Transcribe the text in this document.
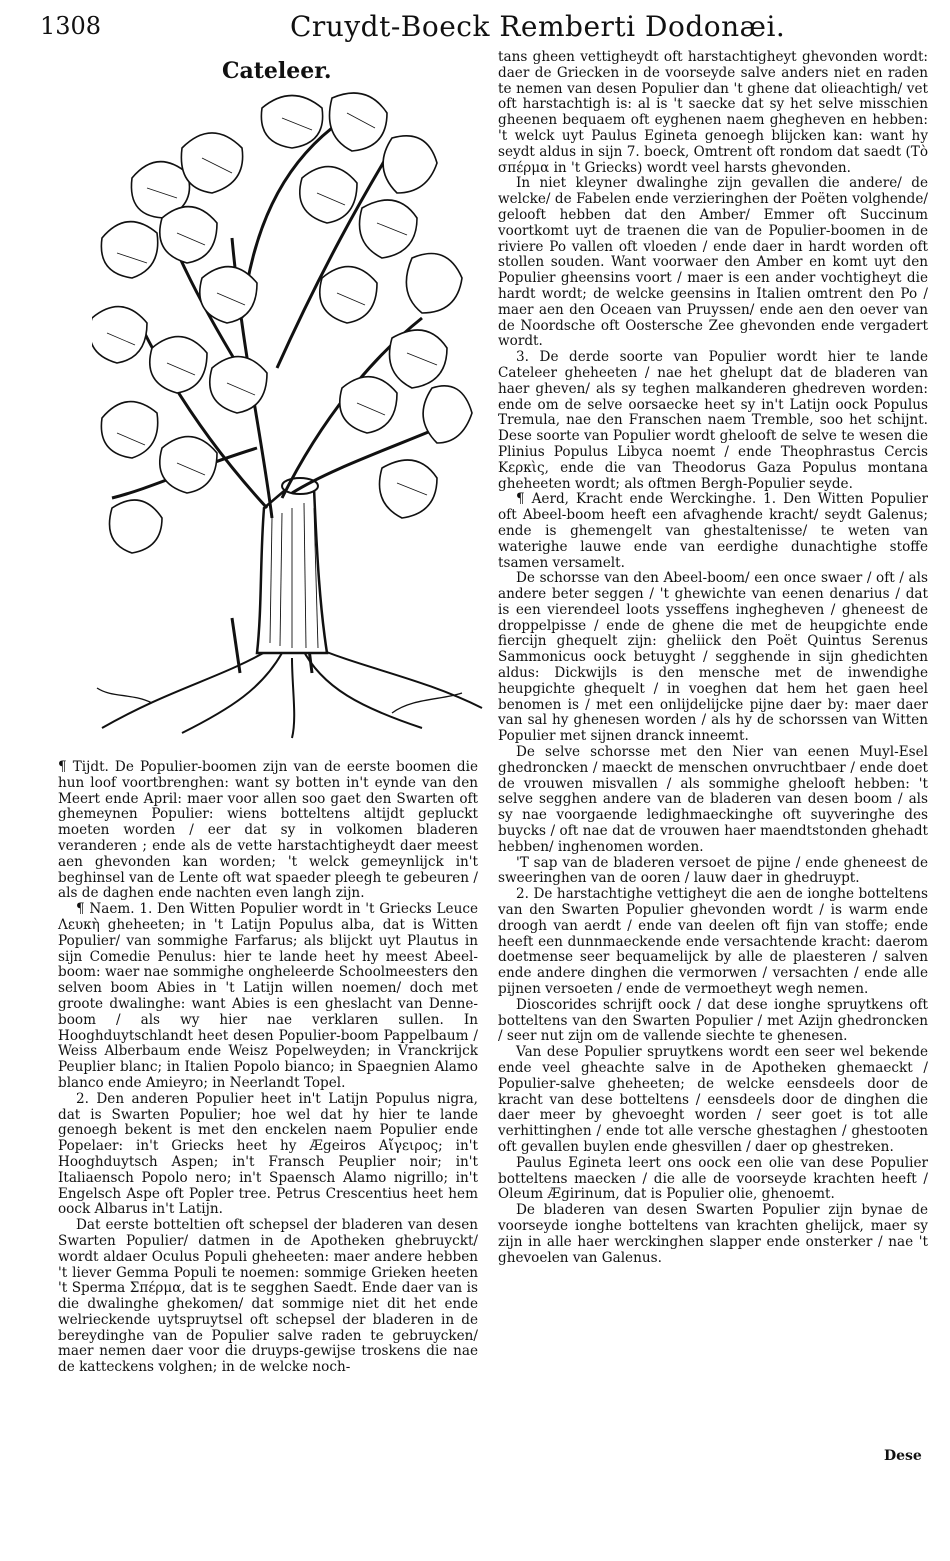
1308	Cruydt-Boeck Remberti Dodonæi.
Cateleer.

¶ Tijdt. De Populier-boomen zijn van de eerste boomen die hun loof voortbrenghen: want sy botten in't eynde van den Meert ende April: maer voor allen soo gaet den Swarten oft ghemeynen Populier: wiens botteltens altijdt gepluckt moeten worden / eer dat sy in volkomen bladeren veranderen ; ende als de vette harstachtigheydt daer meest aen ghevonden kan worden; 't welck gemeynlijck in't beghinsel van de Lente oft wat spaeder pleegh te gebeuren / als de daghen ende nachten even langh zijn.

¶ Naem. 1. Den Witten Populier wordt in 't Griecks Leuce Λευκὴ gheheeten; in 't Latijn Populus alba, dat is Witten Populier/ van sommighe Farfarus; als blijckt uyt Plautus in sijn Comedie Penulus: hier te lande heet hy meest Abeel-boom: waer nae sommighe ongheleerde Schoolmeesters den selven boom Abies in 't Latijn willen noemen/ doch met groote dwalinghe: want Abies is een gheslacht van Denne-boom / als wy hier nae verklaren sullen. In Hooghduytschlandt heet desen Populier-boom Pappelbaum / Weiss Alberbaum ende Weisz Popelweyden; in Vranckrijck Peuplier blanc; in Italien Popolo bianco; in Spaegnien Alamo blanco ende Amieyro; in Neerlandt Topel.

2. Den anderen Populier heet in't Latijn Populus nigra, dat is Swarten Populier; hoe wel dat hy hier te lande genoegh bekent is met den enckelen naem Populier ende Popelaer: in't Griecks heet hy Ægeiros Αἴγειρος; in't Hooghduytsch Aspen; in't Fransch Peuplier noir; in't Italiaensch Popolo nero; in't Spaensch Alamo nigrillo; in't Engelsch Aspe oft Popler tree. Petrus Crescentius heet hem oock Albarus in't Latijn.

Dat eerste botteltien oft schepsel der bladeren van desen Swarten Populier/ datmen in de Apotheken ghebruyckt/ wordt aldaer Oculus Populi gheheeten: maer andere hebben 't liever Gemma Populi te noemen: sommige Grieken heeten 't Sperma Σπέρμα, dat is te segghen Saedt. Ende daer van is die dwalinghe ghekomen/ dat sommige niet dit het ende welrieckende uytspruytsel oft schepsel der bladeren in de bereydinghe van de Populier salve raden te gebruycken/ maer nemen daer voor die druyps-gewijse troskens die nae de katteckens volghen; in de welcke noch-

tans gheen vettigheydt oft harstachtigheyt ghevonden wordt: daer de Griecken in de voorseyde salve anders niet en raden te nemen van desen Populier dan 't ghene dat olieachtigh/ vet oft harstachtigh is: al is 't saecke dat sy het selve misschien gheenen bequaem oft eyghenen naem ghegheven en hebben: 't welck uyt Paulus Egineta genoegh blijcken kan: want hy seydt aldus in sijn 7. boeck, Omtrent oft rondom dat saedt (Τὸ σπέρμα in 't Griecks) wordt veel harsts ghevonden.

In niet kleyner dwalinghe zijn gevallen die andere/ de welcke/ de Fabelen ende verzieringhen der Poëten volghende/ gelooft hebben dat den Amber/ Emmer oft Succinum voortkomt uyt de traenen die van de Populier-boomen in de riviere Po vallen oft vloeden / ende daer in hardt worden oft stollen souden. Want voorwaer den Amber en komt uyt den Populier gheensins voort / maer is een ander vochtigheyt die hardt wordt; de welcke geensins in Italien omtrent den Po / maer aen den Oceaen van Pruyssen/ ende aen den oever van de Noordsche oft Oostersche Zee ghevonden ende vergadert wordt.

3. De derde soorte van Populier wordt hier te lande Cateleer gheheeten / nae het ghelupt dat de bladeren van haer gheven/ als sy teghen malkanderen ghedreven worden: ende om de selve oorsaecke heet sy in't Latijn oock Populus Tremula, nae den Franschen naem Tremble, soo het schijnt. Dese soorte van Populier wordt ghelooft de selve te wesen die Plinius Populus Libyca noemt / ende Theophrastus Cercis Κερκὶς, ende die van Theodorus Gaza Populus montana gheheeten wordt; als oftmen Bergh-Populier seyde.

¶ Aerd, Kracht ende Werckinghe. 1. Den Witten Populier oft Abeel-boom heeft een afvaghende kracht/ seydt Galenus; ende is ghemengelt van ghestaltenisse/ te weten van waterighe lauwe ende van eerdighe dunachtighe stoffe tsamen versamelt.

De schorsse van den Abeel-boom/ een once swaer / oft / als andere beter seggen / 't ghewichte van eenen denarius / dat is een vierendeel loots ysseffens inghegheven / gheneest de droppelpisse / ende de ghene die met de heupgichte ende fiercijn ghequelt zijn: gheliick den Poët Quintus Serenus Sammonicus oock betuyght / segghende in sijn ghedichten aldus: Dickwijls is den mensche met de inwendighe heupgichte ghequelt / in voeghen dat hem het gaen heel benomen is / met een onlijdelijcke pijne daer by: maer daer van sal hy ghenesen worden / als hy de schorssen van Witten Populier met sijnen dranck inneemt.

De selve schorsse met den Nier van eenen Muyl-Esel ghedroncken / maeckt de menschen onvruchtbaer / ende doet de vrouwen misvallen / als sommighe ghelooft hebben: 't selve segghen andere van de bladeren van desen boom / als sy nae voorgaende ledighmaeckinghe oft suyveringhe des buycks / oft nae dat de vrouwen haer maendtstonden ghehadt hebben/ inghenomen worden.

'T sap van de bladeren versoet de pijne / ende gheneest de sweeringhen van de ooren / lauw daer in ghedruypt.

2. De harstachtighe vettigheyt die aen de ionghe botteltens van den Swarten Populier ghevonden wordt / is warm ende droogh van aerdt / ende van deelen oft fijn van stoffe; ende heeft een dunnmaeckende ende versachtende kracht: daerom doetmense seer bequamelijck by alle de plaesteren / salven ende andere dinghen die vermorwen / versachten / ende alle pijnen versoeten / ende de vermoetheyt wegh nemen.

Dioscorides schrijft oock / dat dese ionghe spruytkens oft botteltens van den Swarten Populier / met Azijn ghedroncken / seer nut zijn om de vallende siechte te ghenesen.

Van dese Populier spruytkens wordt een seer wel bekende ende veel gheachte salve in de Apotheken ghemaeckt / Populier-salve gheheeten; de welcke eensdeels door de kracht van dese botteltens / eensdeels door de dinghen die daer meer by ghevoeght worden / seer goet is tot alle verhittinghen / ende tot alle versche ghestaghen / ghestooten oft gevallen buylen ende ghesvillen / daer op ghestreken.

Paulus Egineta leert ons oock een olie van dese Populier botteltens maecken / die alle de voorseyde krachten heeft / Oleum Ægirinum, dat is Populier olie, ghenoemt.

De bladeren van desen Swarten Populier zijn bynae de voorseyde ionghe botteltens van krachten ghelijck, maer sy zijn in alle haer werckinghen slapper ende onsterker / nae 't ghevoelen van Galenus.

Dese
